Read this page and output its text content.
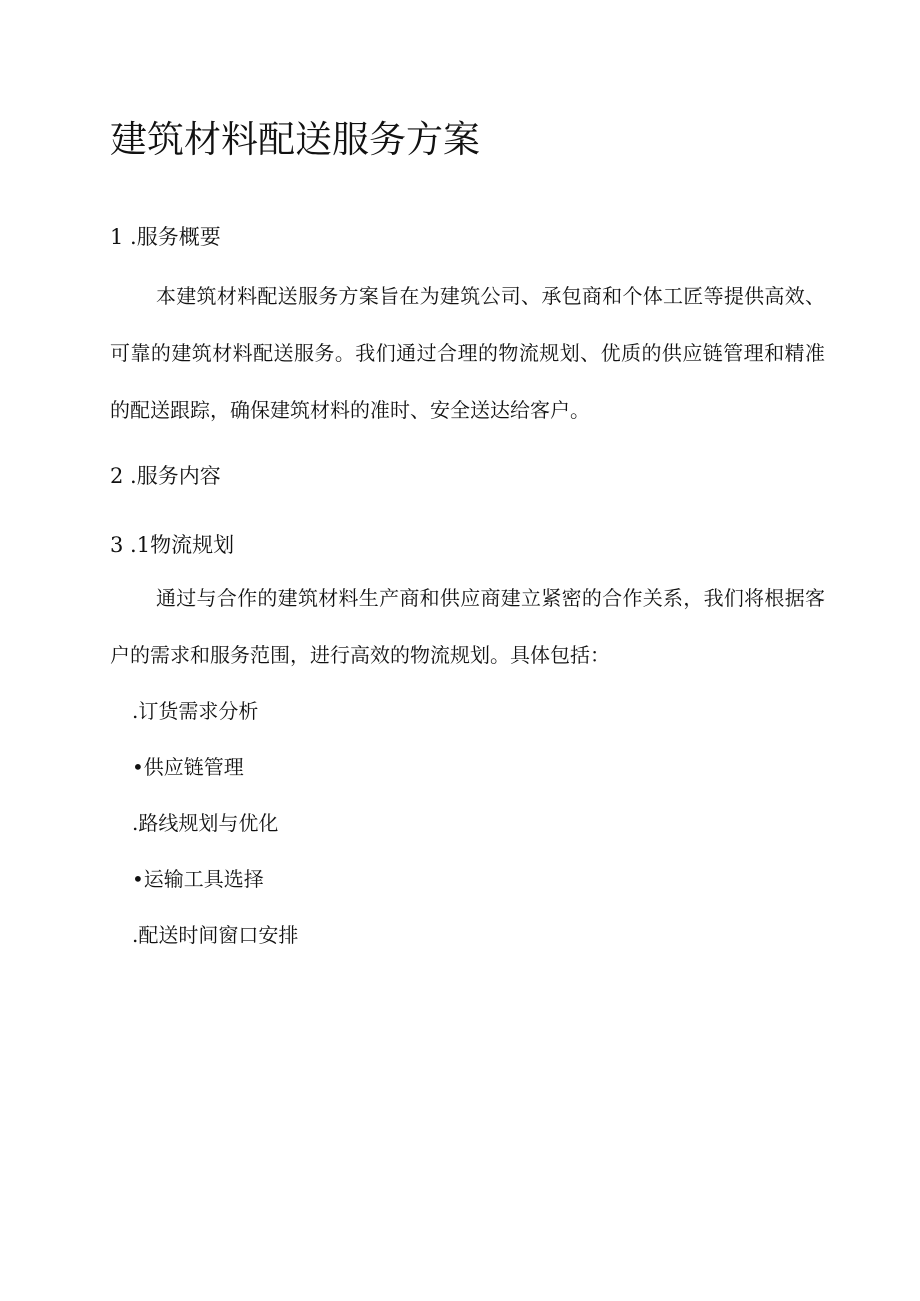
建筑材料配送服务方案
1 .服务概要

本建筑材料配送服务方案旨在为建筑公司、承包商和个体工匠等提供高效、可靠的建筑材料配送服务。我们通过合理的物流规划、优质的供应链管理和精准的配送跟踪，确保建筑材料的准时、安全送达给客户。

2 .服务内容
3 .1物流规划

通过与合作的建筑材料生产商和供应商建立紧密的合作关系，我们将根据客户的需求和服务范围，进行高效的物流规划。具体包括：

.订货需求分析
•供应链管理
.路线规划与优化
•运输工具选择
.配送时间窗口安排
